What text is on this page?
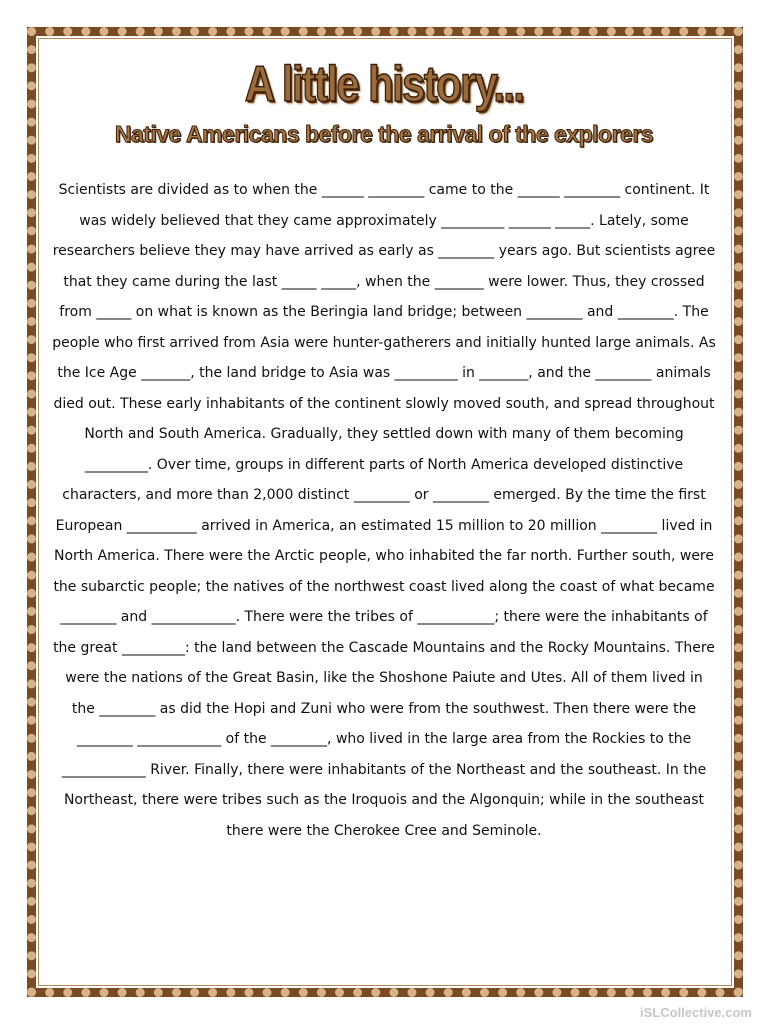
A little history...
Native Americans before the arrival of the explorers
Scientists are divided as to when the ______ ________ came to the ______ ________ continent. It was widely believed that they came approximately _________ ______ _____. Lately, some researchers believe they may have arrived as early as ________ years ago. But scientists agree that they came during the last _____ _____, when the _______ were lower. Thus, they crossed from _____ on what is known as the Beringia land bridge; between ________ and ________. The people who first arrived from Asia were hunter-gatherers and initially hunted large animals. As the Ice Age _______, the land bridge to Asia was _________ in _______, and the ________ animals died out. These early inhabitants of the continent slowly moved south, and spread throughout North and South America. Gradually, they settled down with many of them becoming _________. Over time, groups in different parts of North America developed distinctive characters, and more than 2,000 distinct ________ or ________ emerged. By the time the first European __________ arrived in America, an estimated 15 million to 20 million ________ lived in North America. There were the Arctic people, who inhabited the far north. Further south, were the subarctic people; the natives of the northwest coast lived along the coast of what became ________ and ____________. There were the tribes of ___________; there were the inhabitants of the great _________: the land between the Cascade Mountains and the Rocky Mountains. There were the nations of the Great Basin, like the Shoshone Paiute and Utes. All of them lived in the ________ as did the Hopi and Zuni who were from the southwest. Then there were the ________ ____________ of the ________, who lived in the large area from the Rockies to the ____________ River. Finally, there were inhabitants of the Northeast and the southeast. In the Northeast, there were tribes such as the Iroquois and the Algonquin; while in the southeast there were the Cherokee Cree and Seminole.
iSLCollective.com
